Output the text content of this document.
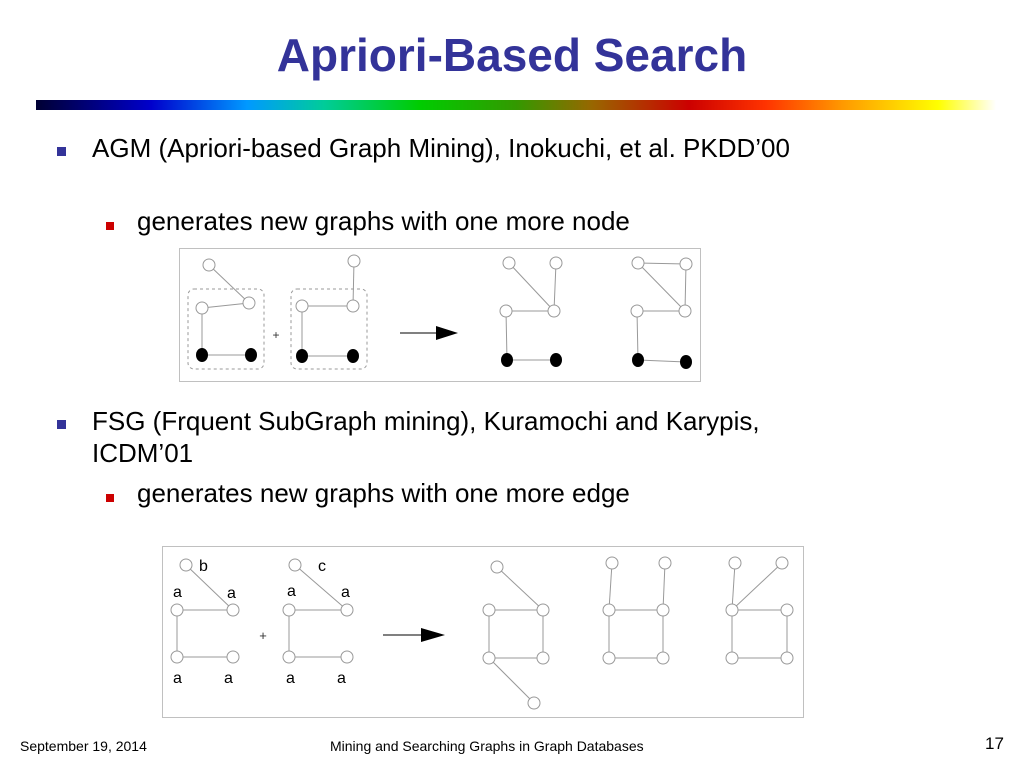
Apriori-Based Search
AGM (Apriori-based Graph Mining), Inokuchi, et al. PKDD’00
generates new graphs with one more node
+
FSG (Frquent SubGraph mining), Kuramochi and Karypis, ICDM’01
generates new graphs with one more edge
+
b
a	a
a	a
c
a	a
a	a
September 19, 2014	Mining and Searching Graphs in Graph Databases	17
